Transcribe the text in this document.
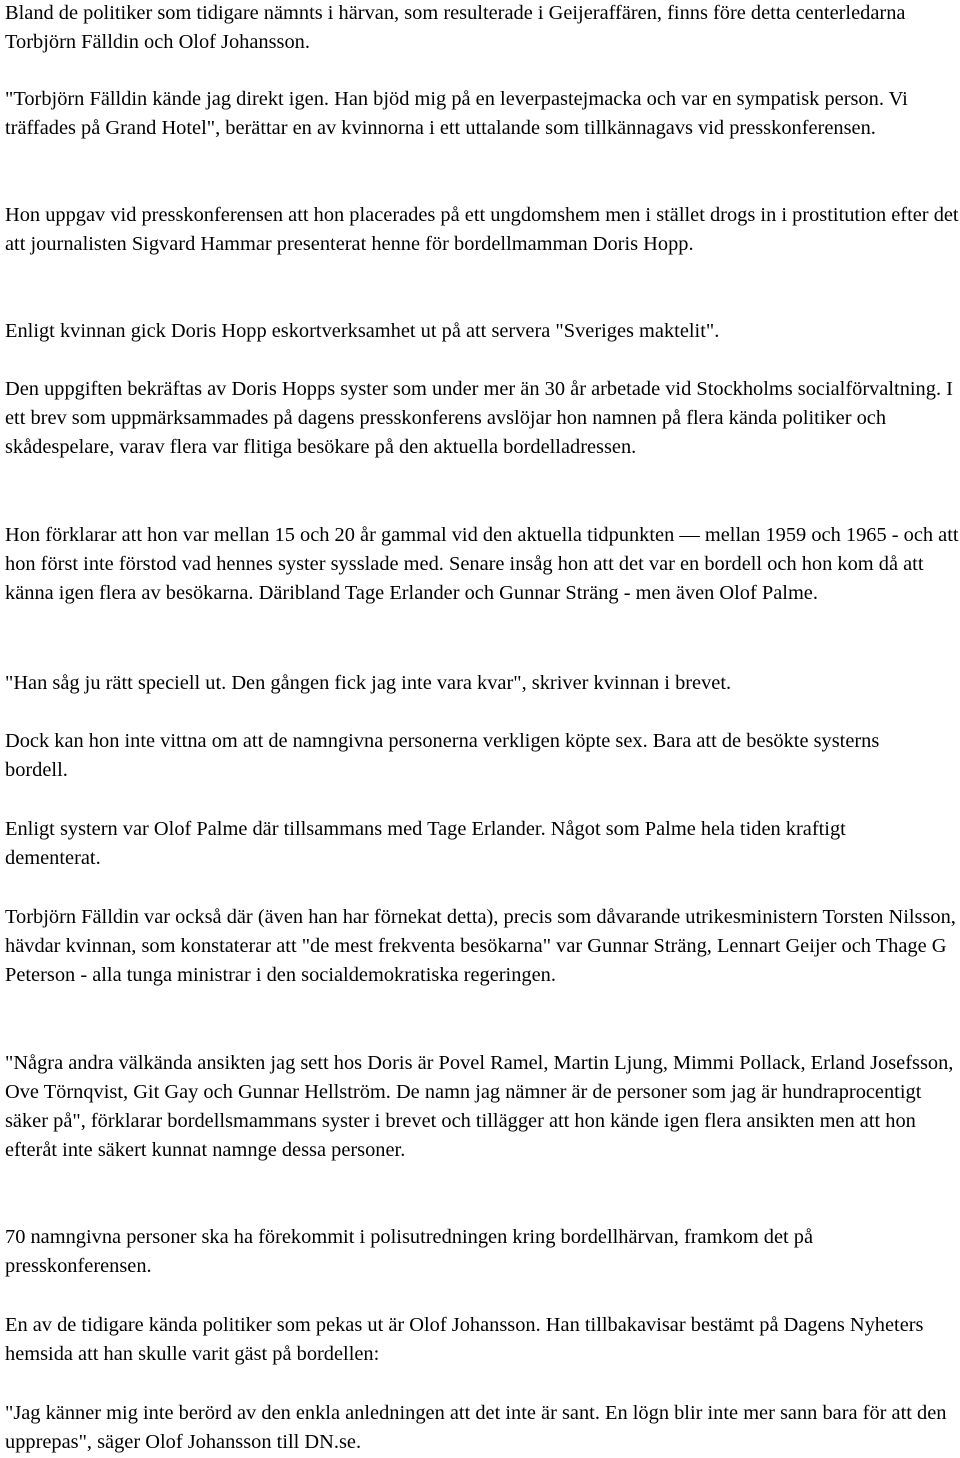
Bland de politiker som tidigare nämnts i härvan, som resulterade i Geijeraffären, finns före detta centerledarna Torbjörn Fälldin och Olof Johansson.

"Torbjörn Fälldin kände jag direkt igen. Han bjöd mig på en leverpastejmacka och var en sympatisk person. Vi träffades på Grand Hotel", berättar en av kvinnorna i ett uttalande som tillkännagavs vid presskonferensen.

Hon uppgav vid presskonferensen att hon placerades på ett ungdomshem men i stället drogs in i prostitution efter det att journalisten Sigvard Hammar presenterat henne för bordellmamman Doris Hopp.

Enligt kvinnan gick Doris Hopp eskortverksamhet ut på att servera "Sveriges maktelit".

Den uppgiften bekräftas av Doris Hopps syster som under mer än 30 år arbetade vid Stockholms socialförvaltning. I ett brev som uppmärksammades på dagens presskonferens avslöjar hon namnen på flera kända politiker och skådespelare, varav flera var flitiga besökare på den aktuella bordelladressen.

Hon förklarar att hon var mellan 15 och 20 år gammal vid den aktuella tidpunkten — mellan 1959 och 1965 - och att hon först inte förstod vad hennes syster sysslade med. Senare insåg hon att det var en bordell och hon kom då att känna igen flera av besökarna. Däribland Tage Erlander och Gunnar Sträng - men även Olof Palme.

"Han såg ju rätt speciell ut. Den gången fick jag inte vara kvar", skriver kvinnan i brevet.

Dock kan hon inte vittna om att de namngivna personerna verkligen köpte sex. Bara att de besökte systerns bordell.

Enligt systern var Olof Palme där tillsammans med Tage Erlander. Något som Palme hela tiden kraftigt dementerat.

Torbjörn Fälldin var också där (även han har förnekat detta), precis som dåvarande utrikesministern Torsten Nilsson, hävdar kvinnan, som konstaterar att "de mest frekventa besökarna" var Gunnar Sträng, Lennart Geijer och Thage G Peterson - alla tunga ministrar i den socialdemokratiska regeringen.

"Några andra välkända ansikten jag sett hos Doris är Povel Ramel, Martin Ljung, Mimmi Pollack, Erland Josefsson, Ove Törnqvist, Git Gay och Gunnar Hellström. De namn jag nämner är de personer som jag är hundraprocentigt säker på", förklarar bordellsmammans syster i brevet och tillägger att hon kände igen flera ansikten men att hon efteråt inte säkert kunnat namnge dessa personer.

70 namngivna personer ska ha förekommit i polisutredningen kring bordellhärvan, framkom det på presskonferensen.

En av de tidigare kända politiker som pekas ut är Olof Johansson. Han tillbakavisar bestämt på Dagens Nyheters hemsida att han skulle varit gäst på bordellen:

"Jag känner mig inte berörd av den enkla anledningen att det inte är sant. En lögn blir inte mer sann bara för att den upprepas", säger Olof Johansson till DN.se.
